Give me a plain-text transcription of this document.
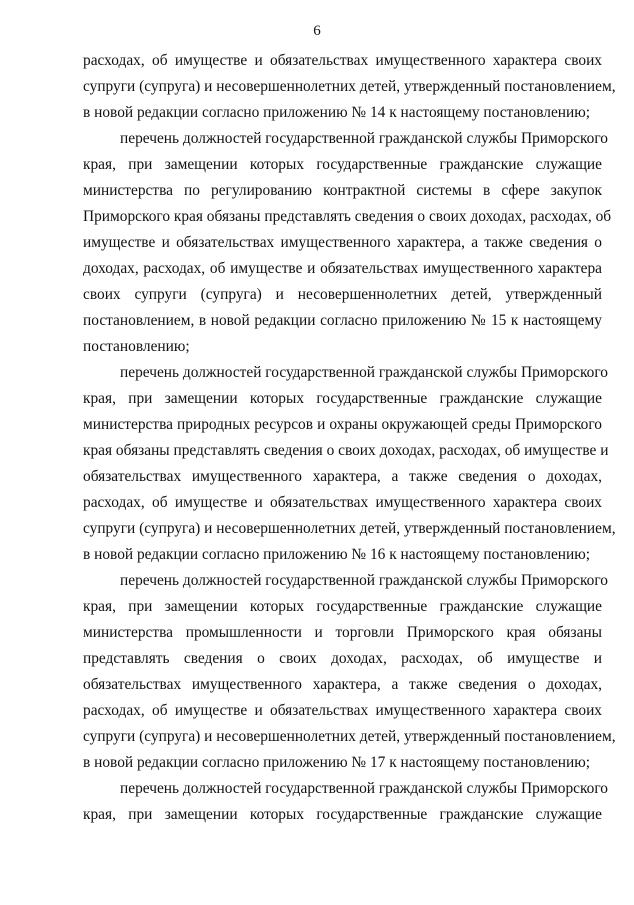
6
расходах, об имуществе и обязательствах имущественного характера своих
супруги (супруга) и несовершеннолетних детей, утвержденный постановлением,
в новой редакции согласно приложению № 14 к настоящему постановлению;
перечень должностей государственной гражданской службы Приморского
края, при замещении которых государственные гражданские служащие
министерства по регулированию контрактной системы в сфере закупок
Приморского края обязаны представлять сведения о своих доходах, расходах, об
имуществе и обязательствах имущественного характера, а также сведения о
доходах, расходах, об имуществе и обязательствах имущественного характера
своих супруги (супруга) и несовершеннолетних детей, утвержденный
постановлением, в новой редакции согласно приложению № 15 к настоящему
постановлению;
перечень должностей государственной гражданской службы Приморского
края, при замещении которых государственные гражданские служащие
министерства природных ресурсов и охраны окружающей среды Приморского
края обязаны представлять сведения о своих доходах, расходах, об имуществе и
обязательствах имущественного характера, а также сведения о доходах,
расходах, об имуществе и обязательствах имущественного характера своих
супруги (супруга) и несовершеннолетних детей, утвержденный постановлением,
в новой редакции согласно приложению № 16 к настоящему постановлению;
перечень должностей государственной гражданской службы Приморского
края, при замещении которых государственные гражданские служащие
министерства промышленности и торговли Приморского края обязаны
представлять сведения о своих доходах, расходах, об имуществе и
обязательствах имущественного характера, а также сведения о доходах,
расходах, об имуществе и обязательствах имущественного характера своих
супруги (супруга) и несовершеннолетних детей, утвержденный постановлением,
в новой редакции согласно приложению № 17 к настоящему постановлению;
перечень должностей государственной гражданской службы Приморского
края, при замещении которых государственные гражданские служащие
